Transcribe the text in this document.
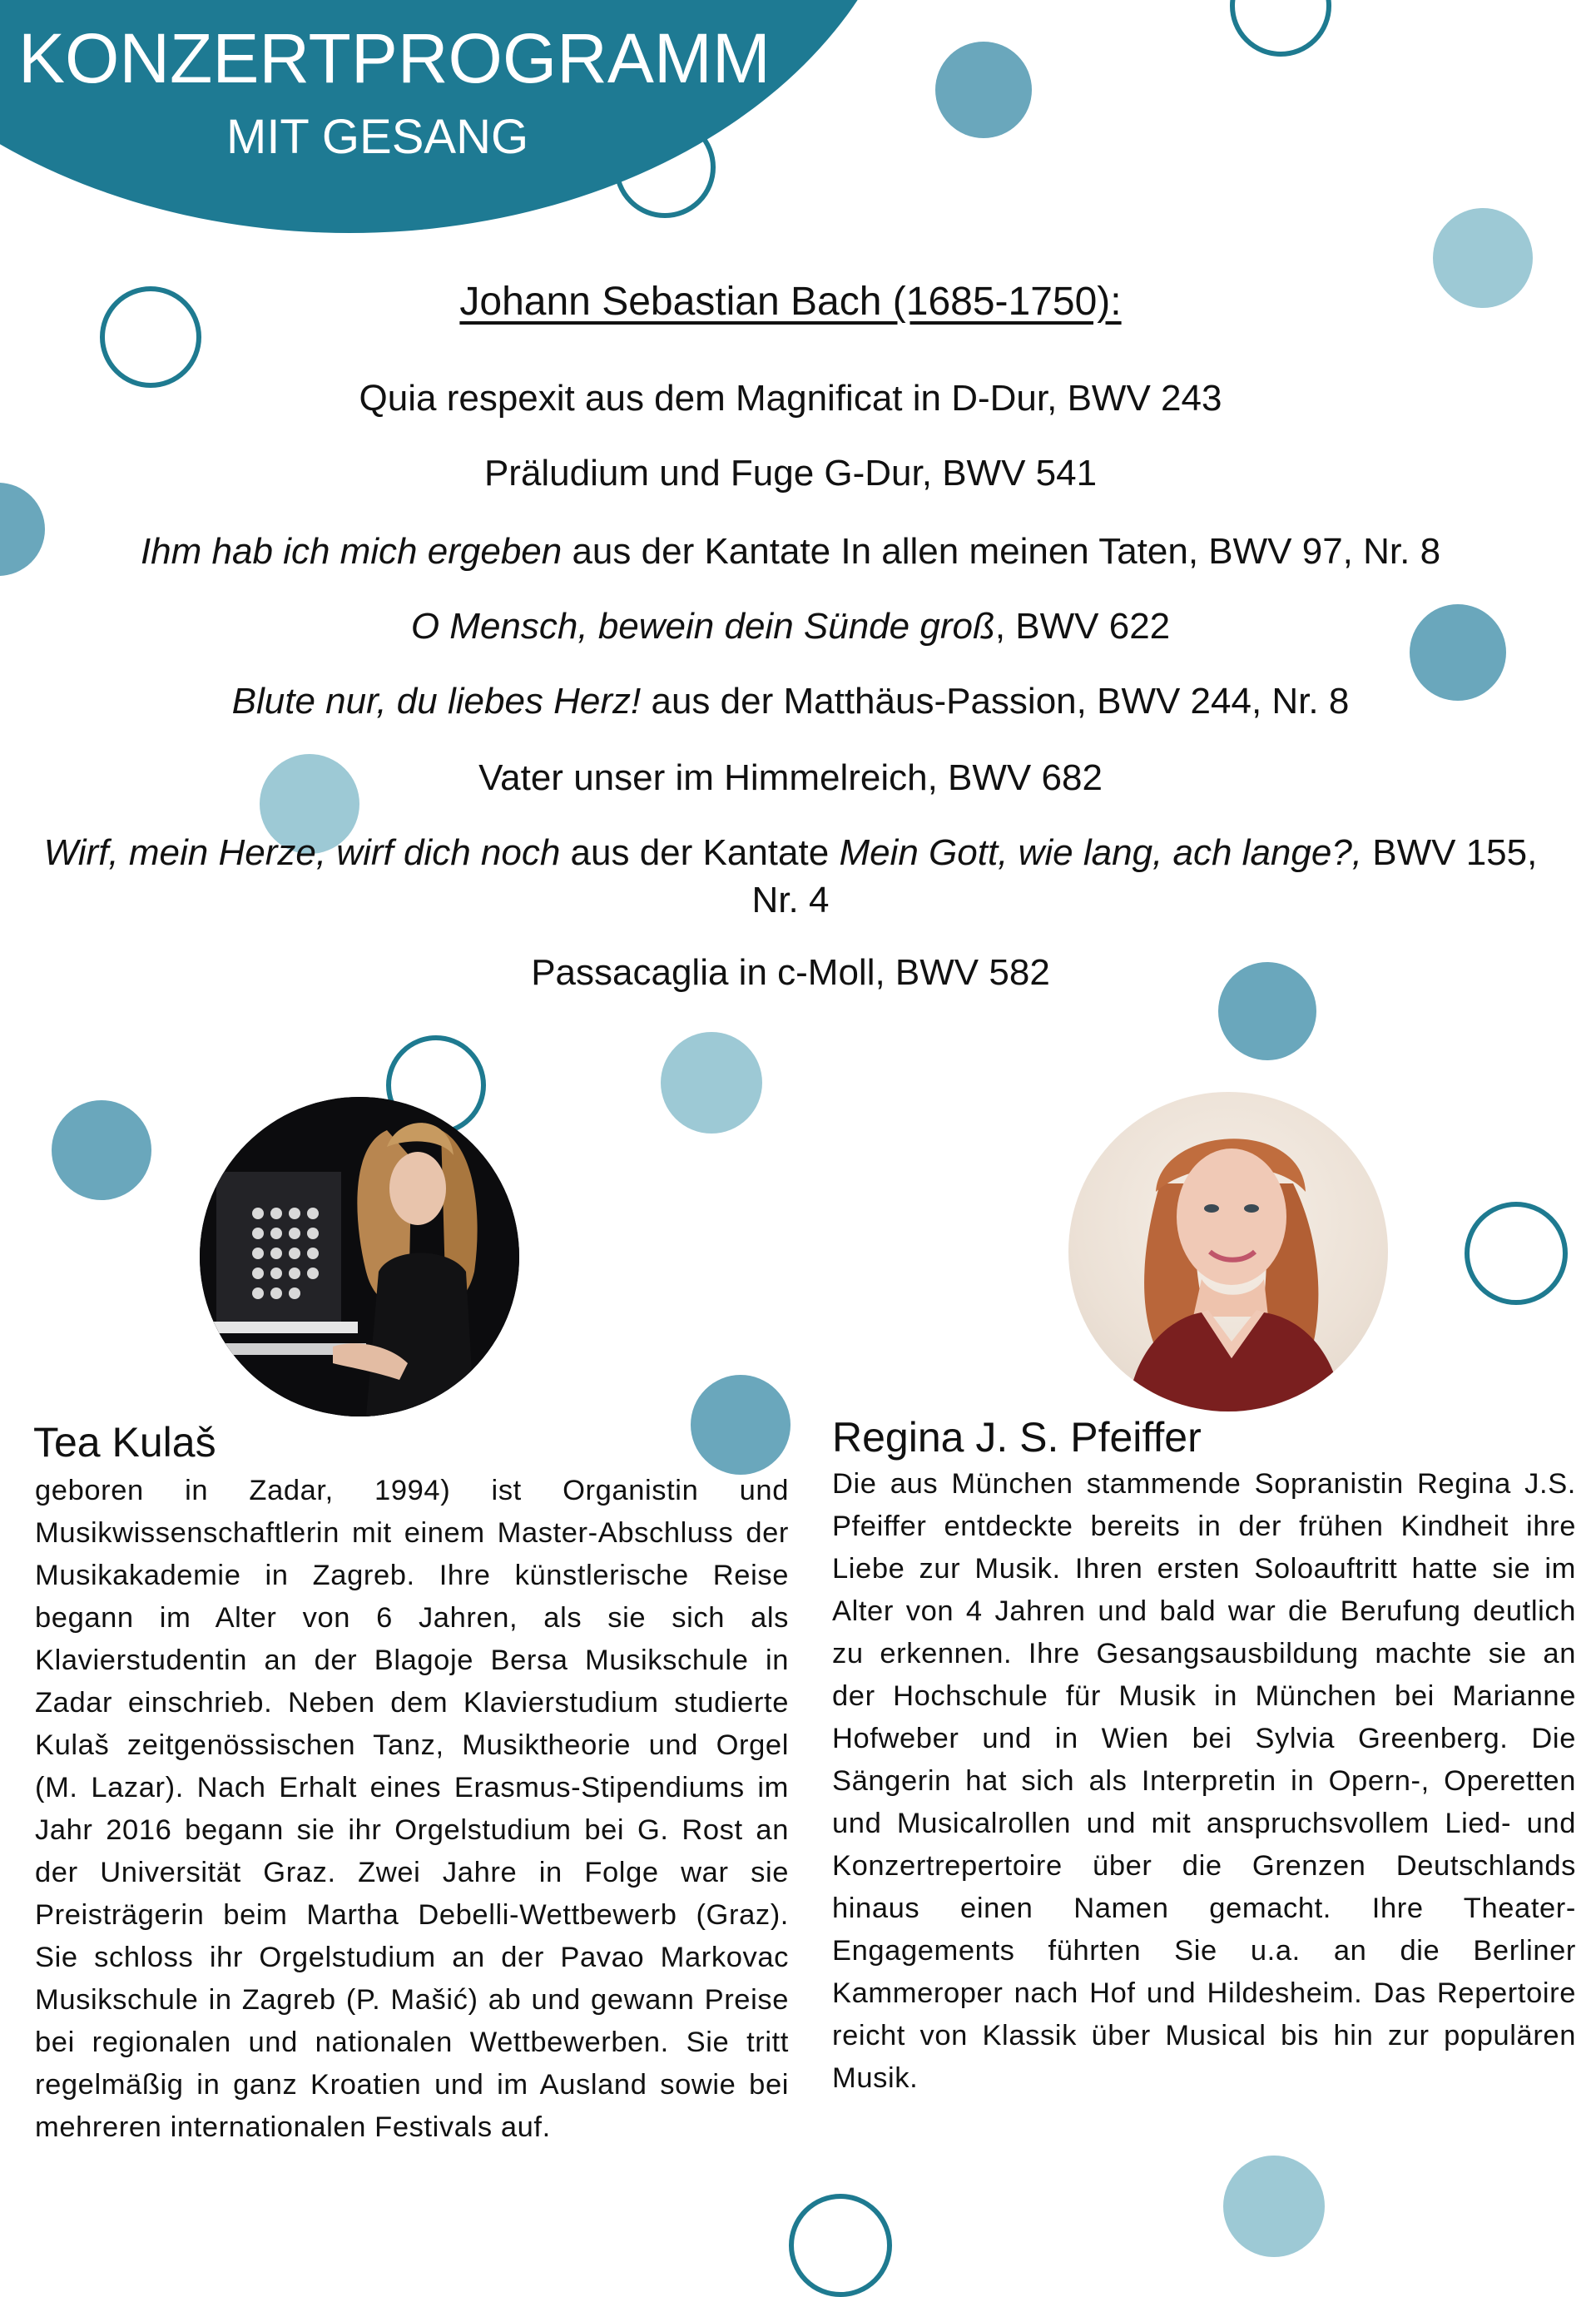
KONZERTPROGRAMM
MIT GESANG
Johann Sebastian Bach (1685-1750):
Quia respexit aus dem Magnificat in D-Dur, BWV 243
Präludium und Fuge G-Dur, BWV 541
Ihm hab ich mich ergeben aus der Kantate In allen meinen Taten, BWV 97, Nr. 8
O Mensch, bewein dein Sünde groß, BWV 622
Blute nur, du liebes Herz! aus der Matthäus-Passion, BWV 244, Nr. 8
Vater unser im Himmelreich, BWV 682
Wirf, mein Herze, wirf dich noch aus der Kantate Mein Gott, wie lang, ach lange?, BWV 155, Nr. 4
Passacaglia in c-Moll, BWV 582
Tea Kulaš
geboren in Zadar, 1994) ist Organistin und Musikwissenschaftlerin mit einem Master-Abschluss der Musikakademie in Zagreb. Ihre künstlerische Reise begann im Alter von 6 Jahren, als sie sich als Klavierstudentin an der Blagoje Bersa Musikschule in Zadar einschrieb. Neben dem Klavierstudium studierte Kulaš zeitgenössischen Tanz, Musiktheorie und Orgel (M. Lazar). Nach Erhalt eines Erasmus-Stipendiums im Jahr 2016 begann sie ihr Orgelstudium bei G. Rost an der Universität Graz. Zwei Jahre in Folge war sie Preisträgerin beim Martha Debelli-Wettbewerb (Graz). Sie schloss ihr Orgelstudium an der Pavao Markovac Musikschule in Zagreb (P. Mašić) ab und gewann Preise bei regionalen und nationalen Wettbewerben. Sie tritt regelmäßig in ganz Kroatien und im Ausland sowie bei mehreren internationalen Festivals auf.
Regina J. S. Pfeiffer
Die aus München stammende Sopranistin Regina J.S. Pfeiffer entdeckte bereits in der frühen Kindheit ihre Liebe zur Musik. Ihren ersten Soloauftritt hatte sie im Alter von 4 Jahren und bald war die Berufung deutlich zu erkennen. Ihre Gesangsausbildung machte sie an der Hochschule für Musik in München bei Marianne Hofweber und in Wien bei Sylvia Greenberg. Die Sängerin hat sich als Interpretin in Opern-, Operetten und Musicalrollen und mit anspruchsvollem Lied- und Konzertrepertoire über die Grenzen Deutschlands hinaus einen Namen gemacht. Ihre Theater-Engagements führten Sie u.a. an die Berliner Kammeroper nach Hof und Hildesheim. Das Repertoire reicht von Klassik über Musical bis hin zur populären Musik.
